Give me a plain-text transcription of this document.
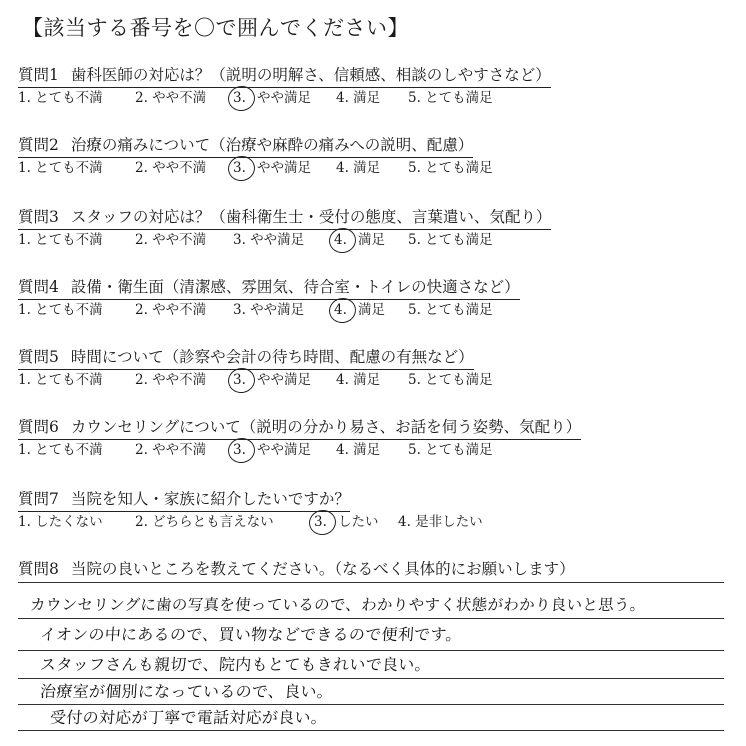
【該当する番号を〇で囲んでください】
質問1 歯科医師の対応は？（説明の明解さ、信頼感、相談のしやすさなど）
1. とても不満 2. やや不満 3. やや満足 4. 満足 5. とても満足
質問2 治療の痛みについて（治療や麻酔の痛みへの説明、配慮）
1. とても不満 2. やや不満 3. やや満足 4. 満足 5. とても満足
質問3 スタッフの対応は？（歯科衛生士・受付の態度、言葉遣い、気配り）
1. とても不満 2. やや不満 3. やや満足 4. 満足 5. とても満足
質問4 設備・衛生面（清潔感、雰囲気、待合室・トイレの快適さなど）
1. とても不満 2. やや不満 3. やや満足 4. 満足 5. とても満足
質問5 時間について（診察や会計の待ち時間、配慮の有無など）
1. とても不満 2. やや不満 3. やや満足 4. 満足 5. とても満足
質問6 カウンセリングについて（説明の分かり易さ、お話を伺う姿勢、気配り）
1. とても不満 2. やや不満 3. やや満足 4. 満足 5. とても満足
質問7 当院を知人・家族に紹介したいですか？
1. したくない 2. どちらとも言えない	3. したい 4. 是非したい
質問8 当院の良いところを教えてください。（なるべく具体的にお願いします）
カウンセリングに歯の写真を使っているので、わかりやすく状態がわかり良いと思う。
イオンの中にあるので、買い物などできるので便利です。
スタッフさんも親切で、院内もとてもきれいで良い。
治療室が個別になっているので、良い。
受付の対応が丁寧で電話対応が良い。
